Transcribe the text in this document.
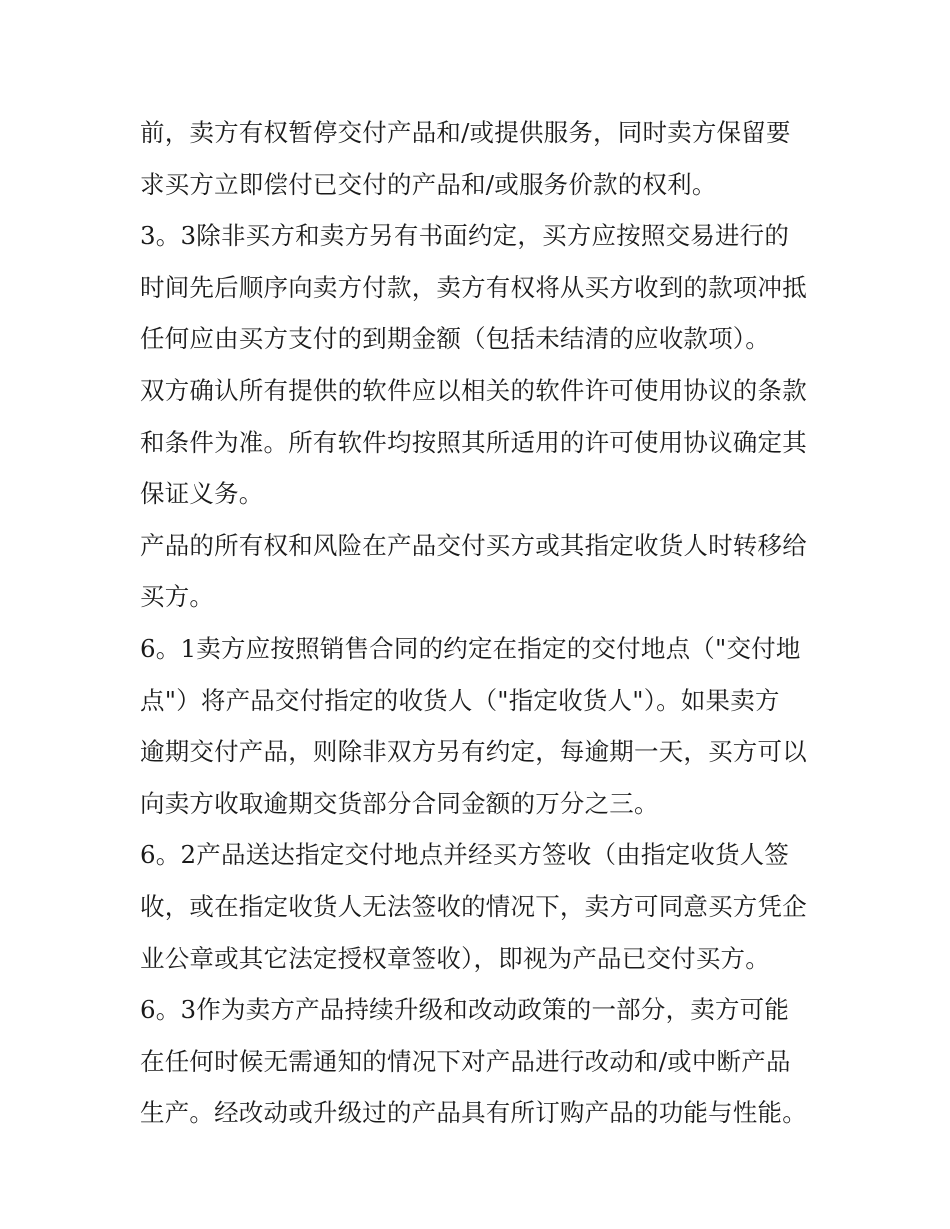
前，卖方有权暂停交付产品和/或提供服务，同时卖方保留要
求买方立即偿付已交付的产品和/或服务价款的权利。
3。3除非买方和卖方另有书面约定，买方应按照交易进行的
时间先后顺序向卖方付款，卖方有权将从买方收到的款项冲抵
任何应由买方支付的到期金额（包括未结清的应收款项）。
双方确认所有提供的软件应以相关的软件许可使用协议的条款
和条件为准。所有软件均按照其所适用的许可使用协议确定其
保证义务。
产品的所有权和风险在产品交付买方或其指定收货人时转移给
买方。
6。1卖方应按照销售合同的约定在指定的交付地点（"交付地
点"）将产品交付指定的收货人（"指定收货人"）。如果卖方
逾期交付产品，则除非双方另有约定，每逾期一天，买方可以
向卖方收取逾期交货部分合同金额的万分之三。
6。2产品送达指定交付地点并经买方签收（由指定收货人签
收，或在指定收货人无法签收的情况下，卖方可同意买方凭企
业公章或其它法定授权章签收），即视为产品已交付买方。
6。3作为卖方产品持续升级和改动政策的一部分，卖方可能
在任何时候无需通知的情况下对产品进行改动和/或中断产品
生产。经改动或升级过的产品具有所订购产品的功能与性能。
